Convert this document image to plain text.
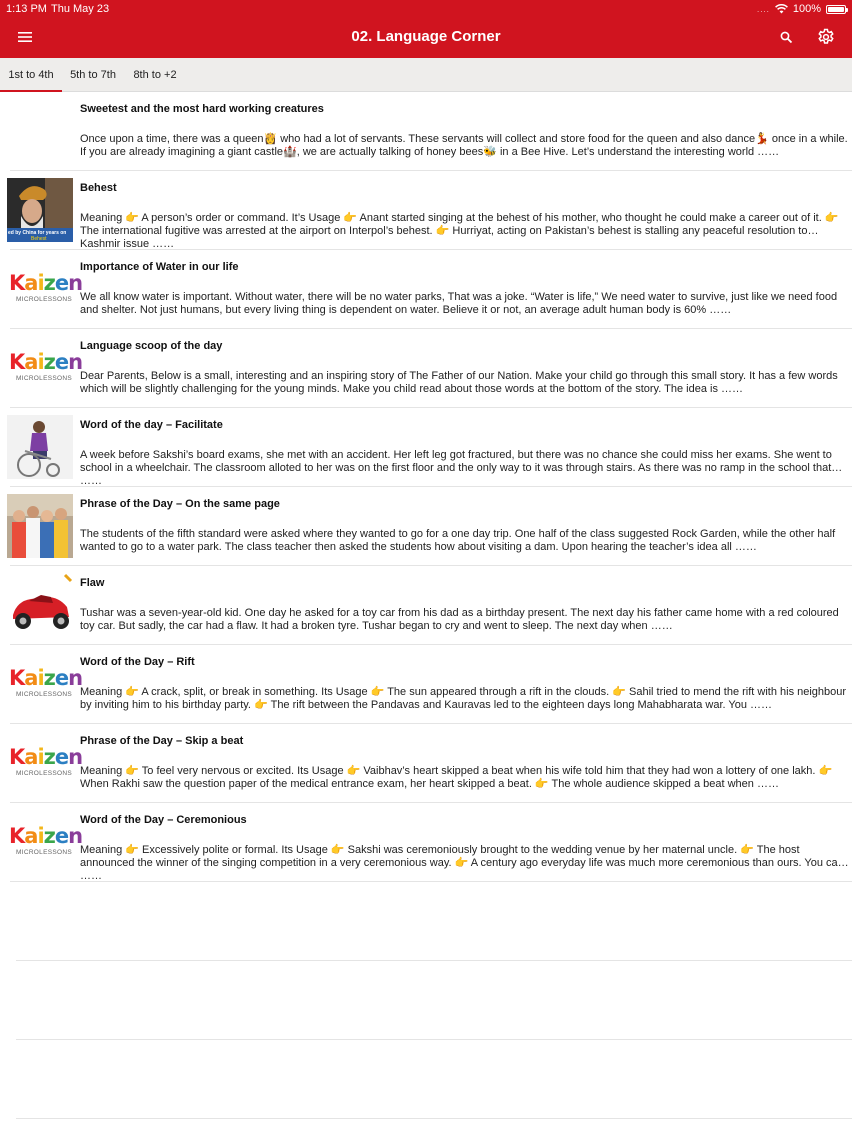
1:13 PM Thu May 23	.... 100%
02. Language Corner
1st to 4th	5th to 7th	8th to +2
Sweetest and the most hard working creatures
Once upon a time, there was a queen👸 who had a lot of servants. These servants will collect and store food for the queen and also dance💃 once in a while. If you are already imagining a giant castle🏰, we are actually talking of honey bees🐝 in a Bee Hive. Let’s understand the interesting world ……
ed by China for years on
Behest
Behest
Meaning 👉 A person’s order or command. It’s Usage 👉 Anant started singing at the behest of his mother, who thought he could make a career out of it. 👉 The international fugitive was arrested at the airport on Interpol’s behest. 👉 Hurriyat, acting on Pakistan’s behest is stalling any peaceful resolution to Kashmir issue ……
Kaizen
MICROLESSONS
Importance of Water in our life
We all know water is important. Without water, there will be no water parks, That was a joke. “Water is life,” We need water to survive, just like we need food and shelter. Not just humans, but every living thing is dependent on water. Believe it or not, an average adult human body is 60% ……
Kaizen
MICROLESSONS
Language scoop of the day
Dear Parents, Below is a small, interesting and an inspiring story of The Father of our Nation. Make your child go through this small story. It has a few words which will be slightly challenging for the young minds. Make you child read about those words at the bottom of the story. The idea is ……
Word of the day – Facilitate
A week before Sakshi’s board exams, she met with an accident. Her left leg got fractured, but there was no chance she could miss her exams. She went to school in a wheelchair. The classroom alloted to her was on the first floor and the only way to it was through stairs. As there was no ramp in the school that ……
Phrase of the Day – On the same page
The students of the fifth standard were asked where they wanted to go for a one day trip. One half of the class suggested Rock Garden, while the other half wanted to go to a water park. The class teacher then asked the students how about visiting a dam. Upon hearing the teacher’s idea all ……
Flaw
Tushar was a seven-year-old kid. One day he asked for a toy car from his dad as a birthday present. The next day his father came home with a red coloured toy car. But sadly, the car had a flaw. It had a broken tyre. Tushar began to cry and went to sleep. The next day when ……
Kaizen
MICROLESSONS
Word of the Day – Rift
Meaning 👉 A crack, split, or break in something. Its Usage 👉 The sun appeared through a rift in the clouds. 👉 Sahil tried to mend the rift with his neighbour by inviting him to his birthday party. 👉 The rift between the Pandavas and Kauravas led to the eighteen days long Mahabharata war. You ……
Kaizen
MICROLESSONS
Phrase of the Day – Skip a beat
Meaning 👉 To feel very nervous or excited. Its Usage 👉 Vaibhav’s heart skipped a beat when his wife told him that they had won a lottery of one lakh. 👉 When Rakhi saw the question paper of the medical entrance exam, her heart skipped a beat. 👉 The whole audience skipped a beat when ……
Kaizen
MICROLESSONS
Word of the Day – Ceremonious
Meaning 👉 Excessively polite or formal. Its Usage 👉 Sakshi was ceremoniously brought to the wedding venue by her maternal uncle. 👉 The host announced the winner of the singing competition in a very ceremonious way. 👉 A century ago everyday life was much more ceremonious than ours. You can ……
